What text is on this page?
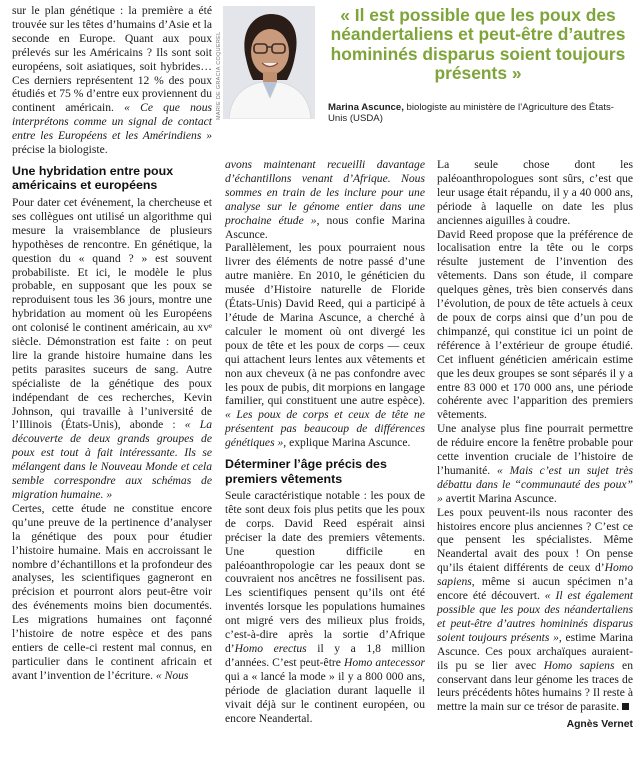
MARIE DE GRACIA COQUEREL
« Il est possible que les poux des néandertaliens et peut-être d’autres homininés disparus soient toujours présents »
Marina Ascunce, biologiste au ministère de l’Agriculture des États-Unis (USDA)

sur le plan génétique : la première a été trouvée sur les têtes d’humains d’Asie et la seconde en Europe. Quant aux poux prélevés sur les Américains ? Ils sont soit européens, soit asiatiques, soit hybrides… Ces derniers représentent 12 % des poux étudiés et 75 % d’entre eux proviennent du continent américain. « Ce que nous interprétons comme un signal de contact entre les Européens et les Amérindiens » précise la biologiste.

Une hybridation entre poux américains et européens

Pour dater cet événement, la chercheuse et ses collègues ont utilisé un algorithme qui mesure la vraisemblance de plusieurs hypothèses de rencontre. En génétique, la question du « quand ? » est souvent probabiliste. Et ici, le modèle le plus probable, en supposant que les poux se reproduisent tous les 36 jours, montre une hybridation au moment où les Européens ont colonisé le continent américain, au xvᵉ siècle. Démonstration est faite : on peut lire la grande histoire humaine dans les petits parasites suceurs de sang. Autre spécialiste de la génétique des poux indépendant de ces recherches, Kevin Johnson, qui travaille à l’université de l’Illinois (États-Unis), abonde : « La découverte de deux grands groupes de poux est tout à fait intéressante. Ils se mélangent dans le Nouveau Monde et cela semble correspondre aux schémas de migration humaine. »

Certes, cette étude ne constitue encore qu’une preuve de la pertinence d’analyser la génétique des poux pour étudier l’histoire humaine. Mais en accroissant le nombre d’échantillons et la profondeur des analyses, les scientifiques gagneront en précision et pourront alors peut-être voir des événements moins bien documentés. Les migrations humaines ont façonné l’histoire de notre espèce et des pans entiers de celle-ci restent mal connus, en particulier dans le continent africain et avant l’invention de l’écriture. « Nous

avons maintenant recueilli davantage d’échantillons venant d’Afrique. Nous sommes en train de les inclure pour une analyse sur le génome entier dans une prochaine étude », nous confie Marina Ascunce.

Parallèlement, les poux pourraient nous livrer des éléments de notre passé d’une autre manière. En 2010, le généticien du musée d’Histoire naturelle de Floride (États-Unis) David Reed, qui a participé à l’étude de Marina Ascunce, a cherché à calculer le moment où ont divergé les poux de tête et les poux de corps — ceux qui attachent leurs lentes aux vêtements et non aux cheveux (à ne pas confondre avec les poux de pubis, dit morpions en langage familier, qui constituent une autre espèce). « Les poux de corps et ceux de tête ne présentent pas beaucoup de différences génétiques », explique Marina Ascunce.

Déterminer l’âge précis des premiers vêtements

Seule caractéristique notable : les poux de tête sont deux fois plus petits que les poux de corps. David Reed espérait ainsi préciser la date des premiers vêtements. Une question difficile en paléoanthropologie car les peaux dont se couvraient nos ancêtres ne fossilisent pas. Les scientifiques pensent qu’ils ont été inventés lorsque les populations humaines ont migré vers des milieux plus froids, c’est-à-dire après la sortie d’Afrique d’Homo erectus il y a 1,8 million d’années. C’est peut-être Homo antecessor qui a « lancé la mode » il y a 800 000 ans, période de glaciation durant laquelle il vivait déjà sur le continent européen, ou encore Neandertal.

La seule chose dont les paléoanthropologues sont sûrs, c’est que leur usage était répandu, il y a 40 000 ans, période à laquelle on date les plus anciennes aiguilles à coudre.

David Reed propose que la préférence de localisation entre la tête ou le corps résulte justement de l’invention des vêtements. Dans son étude, il compare quelques gènes, très bien conservés dans l’évolution, de poux de tête actuels à ceux de poux de corps ainsi que d’un pou de chimpanzé, qui constitue ici un point de référence à l’extérieur de groupe étudié. Cet influent généticien américain estime que les deux groupes se sont séparés il y a entre 83 000 et 170 000 ans, une période cohérente avec l’apparition des premiers vêtements.

Une analyse plus fine pourrait permettre de réduire encore la fenêtre probable pour cette invention cruciale de l’histoire de l’humanité. « Mais c’est un sujet très débattu dans le “communauté des poux” » avertit Marina Ascunce.

Les poux peuvent-ils nous raconter des histoires encore plus anciennes ? C’est ce que pensent les spécialistes. Même Neandertal avait des poux ! On pense qu’ils étaient différents de ceux d’Homo sapiens, même si aucun spécimen n’a encore été découvert. « Il est également possible que les poux des néandertaliens et peut-être d’autres homininés disparus soient toujours présents », estime Marina Ascunce. Ces poux archaïques auraient-ils pu se lier avec Homo sapiens en conservant dans leur génome les traces de leurs précédents hôtes humains ? Il reste à mettre la main sur ce trésor de parasite.

Agnès Vernet
